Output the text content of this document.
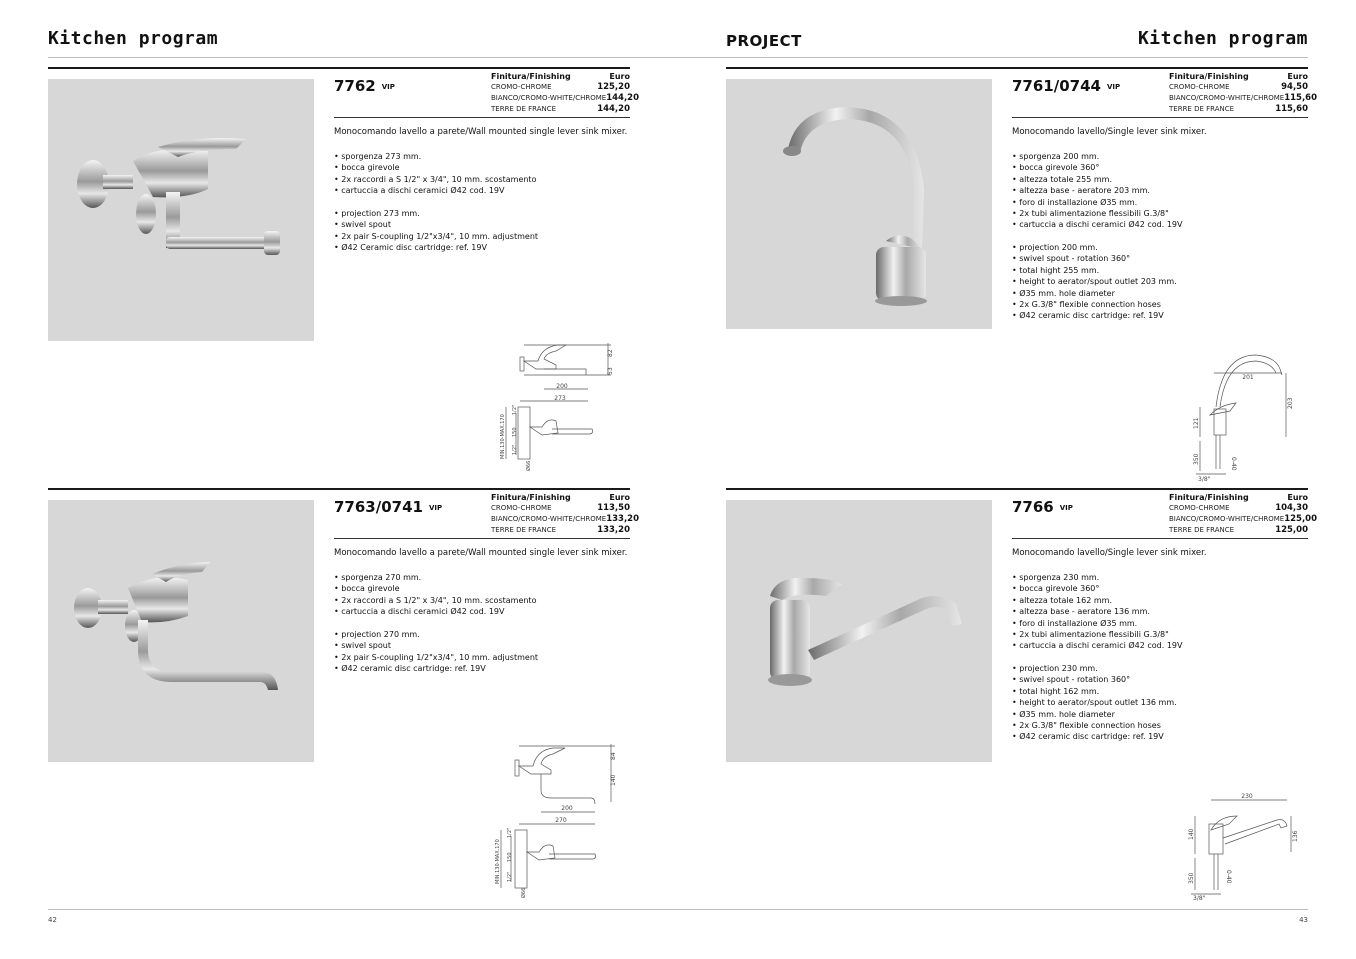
Kitchen program	PROJECT	Kitchen program
42	43
7762 VIP
Finitura/Finishing	Euro
CROMO-CHROME	125,20
BIANCO/CROMO-WHITE/CHROME 144,20
TERRE DE FRANCE	144,20
Monocomando lavello a parete/Wall mounted single lever sink mixer.
• sporgenza 273 mm.
• bocca girevole
• 2x raccordi a S 1/2" x 3/4", 10 mm. scostamento
• cartuccia a dischi ceramici Ø42 cod. 19V
• projection 273 mm.
• swivel spout
• 2x pair S-coupling 1/2"x3/4", 10 mm. adjustment
• Ø42 Ceramic disc cartridge: ref. 19V
82
53
200
273
MIN.130-MAX.170
1/2"
150
1/2"
Ø66
7761/0744 VIP
Finitura/Finishing	Euro
CROMO-CHROME	94,50
BIANCO/CROMO-WHITE/CHROME 115,60
TERRE DE FRANCE	115,60
Monocomando lavello/Single lever sink mixer.
• sporgenza 200 mm.
• bocca girevole 360°
• altezza totale 255 mm.
• altezza base - aeratore 203 mm.
• foro di installazione Ø35 mm.
• 2x tubi alimentazione flessibili G.3/8"
• cartuccia a dischi ceramici Ø42 cod. 19V
• projection 200 mm.
• swivel spout - rotation 360°
• total hight 255 mm.
• height to aerator/spout outlet 203 mm.
• Ø35 mm. hole diameter
• 2x G.3/8" flexible connection hoses
• Ø42 ceramic disc cartridge: ref. 19V
201
203
121
350	0-40
3/8"
7763/0741 VIP
Finitura/Finishing	Euro
CROMO-CHROME	113,50
BIANCO/CROMO-WHITE/CHROME 133,20
TERRE DE FRANCE	133,20
Monocomando lavello a parete/Wall mounted single lever sink mixer.
• sporgenza 270 mm.
• bocca girevole
• 2x raccordi a S 1/2" x 3/4", 10 mm. scostamento
• cartuccia a dischi ceramici Ø42 cod. 19V
• projection 270 mm.
• swivel spout
• 2x pair S-coupling 1/2"x3/4", 10 mm. adjustment
• Ø42 ceramic disc cartridge: ref. 19V
84
140
200
270
MIN.130-MAX.170
1/2"
150
1/2"
Ø66
7766 VIP
Finitura/Finishing	Euro
CROMO-CHROME	104,30
BIANCO/CROMO-WHITE/CHROME 125,00
TERRE DE FRANCE	125,00
Monocomando lavello/Single lever sink mixer.
• sporgenza 230 mm.
• bocca girevole 360°
• altezza totale 162 mm.
• altezza base - aeratore 136 mm.
• foro di installazione Ø35 mm.
• 2x tubi alimentazione flessibili G.3/8"
• cartuccia a dischi ceramici Ø42 cod. 19V
• projection 230 mm.
• swivel spout - rotation 360°
• total hight 162 mm.
• height to aerator/spout outlet 136 mm.
• Ø35 mm. hole diameter
• 2x G.3/8" flexible connection hoses
• Ø42 ceramic disc cartridge: ref. 19V
230
140	136
350	0-40
3/8"
